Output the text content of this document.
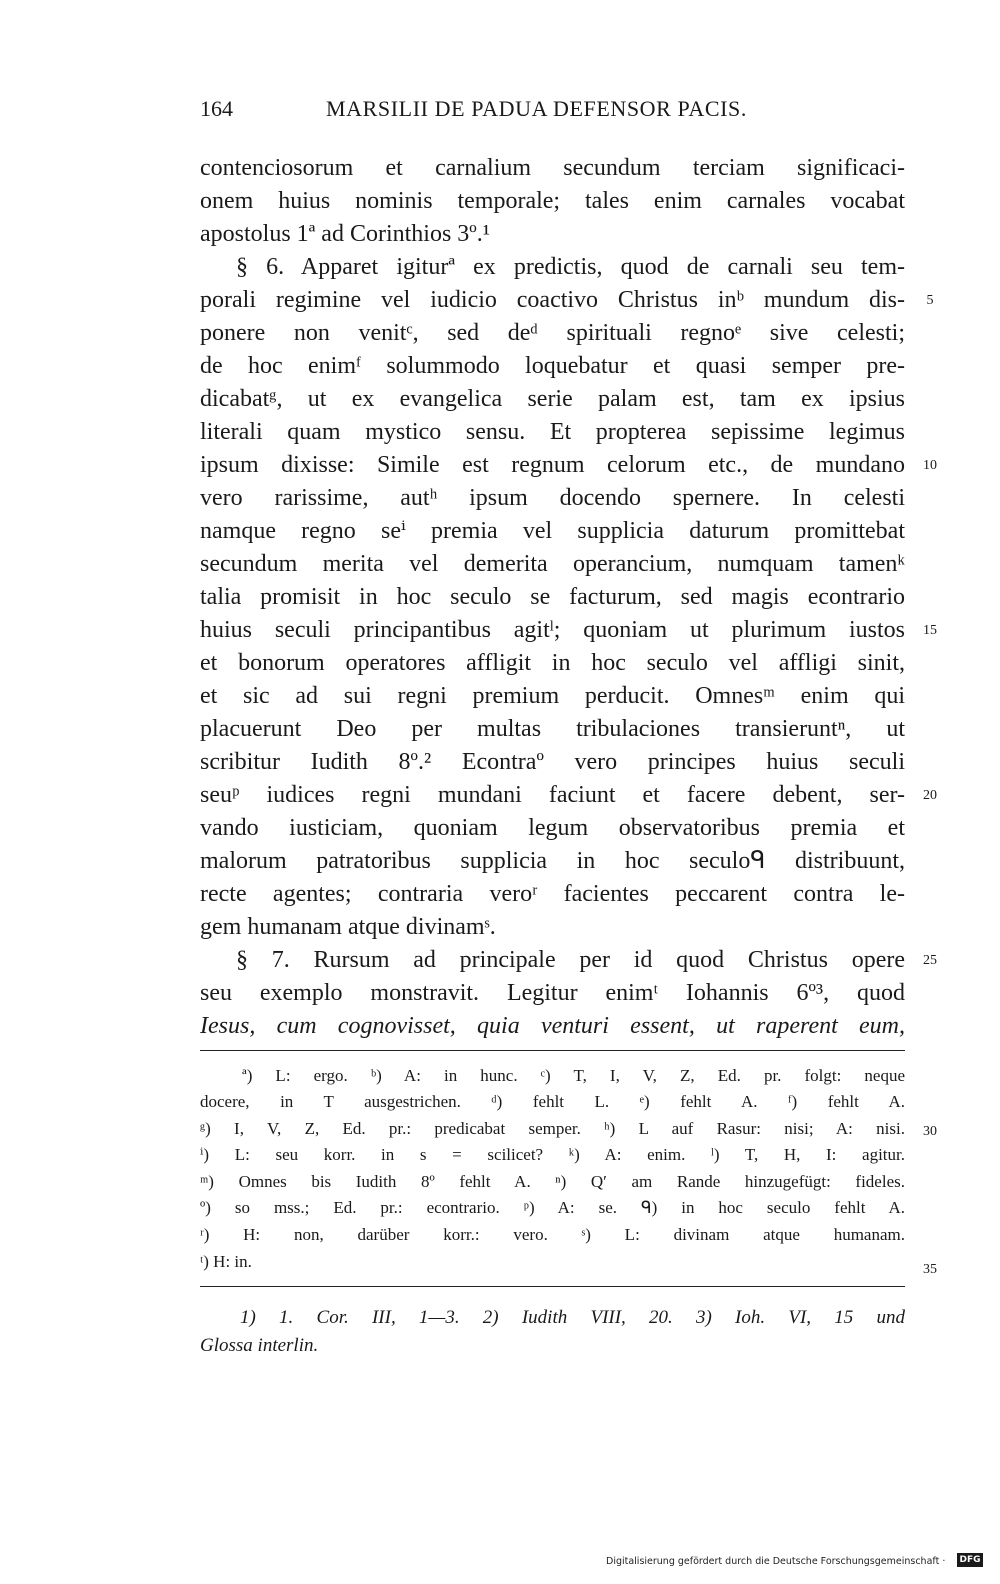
164	MARSILII DE PADUA DEFENSOR PACIS.
contenciosorum et carnalium secundum terciam significaci-
onem huius nominis temporale; tales enim carnales vocabat
apostolus 1ª ad Corinthios 3º.¹
§ 6. Apparet igiturª ex predictis, quod de carnali seu tem-
porali regimine vel iudicio coactivo Christus inᵇ mundum dis-
ponere non venitᶜ, sed deᵈ spirituali regnoᵉ sive celesti;
de hoc enimᶠ solummodo loquebatur et quasi semper pre-
dicabatᵍ, ut ex evangelica serie palam est, tam ex ipsius
literali quam mystico sensu. Et propterea sepissime legimus
ipsum dixisse: Simile est regnum celorum etc., de mundano
vero rarissime, autʰ ipsum docendo spernere. In celesti
namque regno seⁱ premia vel supplicia daturum promittebat
secundum merita vel demerita operancium, numquam tamenᵏ
talia promisit in hoc seculo se facturum, sed magis econtrario
huius seculi principantibus agitˡ; quoniam ut plurimum iustos
et bonorum operatores affligit in hoc seculo vel affligi sinit,
et sic ad sui regni premium perducit. Omnesᵐ enim qui
placuerunt Deo per multas tribulaciones transieruntⁿ, ut
scribitur Iudith 8º.² Econtraº vero principes huius seculi
seuᵖ iudices regni mundani faciunt et facere debent, ser-
vando iusticiam, quoniam legum observatoribus premia et
malorum patratoribus supplicia in hoc seculoᑫ distribuunt,
recte agentes; contraria veroʳ facientes peccarent contra le-
gem humanam atque divinamˢ.
§ 7. Rursum ad principale per id quod Christus opere
seu exemplo monstravit. Legitur enimᵗ Iohannis 6º³, quod
Iesus, cum cognovisset, quia venturi essent, ut raperent eum,
5
10
15
20
25
30
35
ª) L: ergo. ᵇ) A: in hunc. ᶜ) T, I, V, Z, Ed. pr. folgt: neque
docere, in T ausgestrichen. ᵈ) fehlt L. ᵉ) fehlt A. ᶠ) fehlt A.
ᵍ) I, V, Z, Ed. pr.: predicabat semper. ʰ) L auf Rasur: nisi; A: nisi.
ⁱ) L: seu korr. in s = scilicet? ᵏ) A: enim. ˡ) T, H, I: agitur.
ᵐ) Omnes bis Iudith 8º fehlt A. ⁿ) Q′ am Rande hinzugefügt: fideles.
º) so mss.; Ed. pr.: econtrario. ᵖ) A: se. ᑫ) in hoc seculo fehlt A.
ʳ) H: non, darüber korr.: vero. ˢ) L: divinam atque humanam.
ᵗ) H: in.
1) 1. Cor. III, 1—3. 2) Iudith VIII, 20. 3) Ioh. VI, 15 und
Glossa interlin.
Digitalisierung gefördert durch die Deutsche Forschungsgemeinschaft · DFG
